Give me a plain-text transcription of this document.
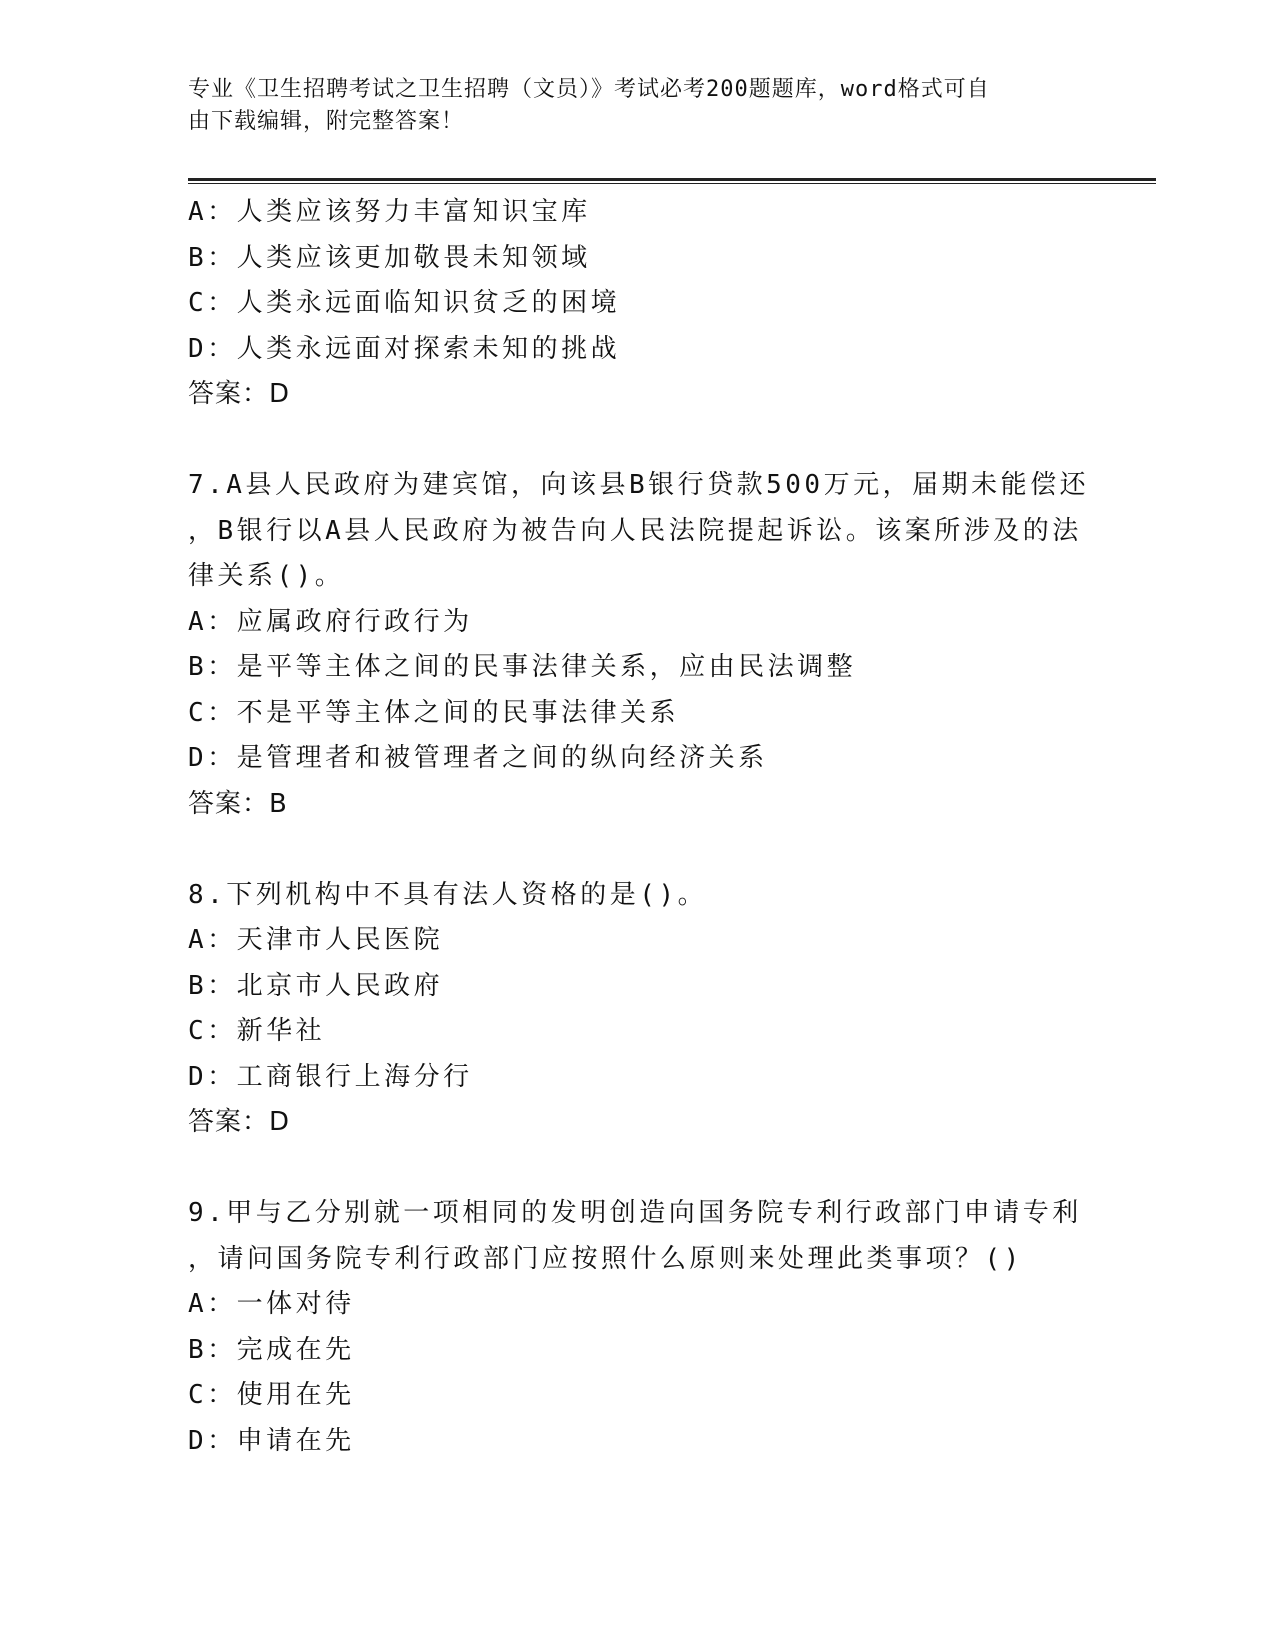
专业《卫生招聘考试之卫生招聘（文员）》考试必考200题题库，word格式可自
由下载编辑，附完整答案！
A：人类应该努力丰富知识宝库
B：人类应该更加敬畏未知领域
C：人类永远面临知识贫乏的困境
D：人类永远面对探索未知的挑战
答案：D
7.A县人民政府为建宾馆，向该县B银行贷款500万元，届期未能偿还
，B银行以A县人民政府为被告向人民法院提起诉讼。该案所涉及的法
律关系()。
A：应属政府行政行为
B：是平等主体之间的民事法律关系，应由民法调整
C：不是平等主体之间的民事法律关系
D：是管理者和被管理者之间的纵向经济关系
答案：B
8.下列机构中不具有法人资格的是()。
A：天津市人民医院
B：北京市人民政府
C：新华社
D：工商银行上海分行
答案：D
9.甲与乙分别就一项相同的发明创造向国务院专利行政部门申请专利
，请问国务院专利行政部门应按照什么原则来处理此类事项？()
A：一体对待
B：完成在先
C：使用在先
D：申请在先
